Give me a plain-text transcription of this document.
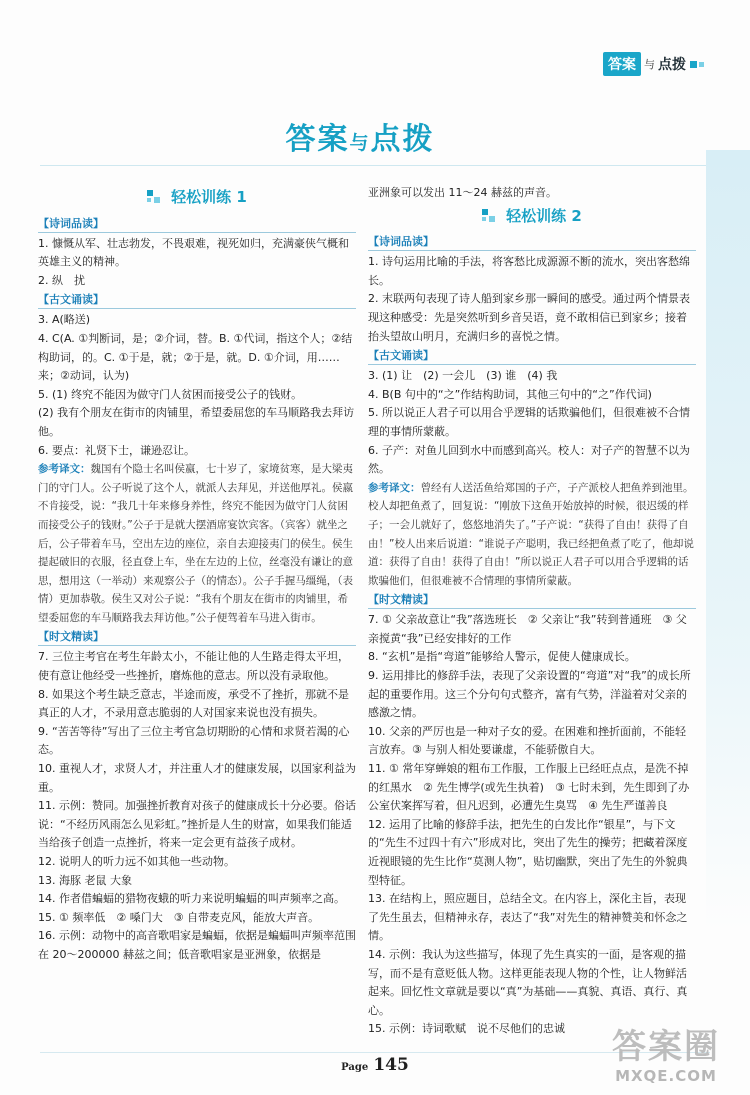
答案 与 点拨
答案与点拨
轻松训练 1
【诗词品读】

1. 慷慨从军、壮志勃发，不畏艰难，视死如归，充满豪侠气概和英雄主义的精神。

2. 纵　扰

【古文诵读】

3. A(略送)

4. C(A. ①判断词，是；②介词，替。B. ①代词，指这个人；②结构助词，的。C. ①于是，就；②于是，就。D. ①介词，用……来；②动词，认为)

5. (1) 终究不能因为做守门人贫困而接受公子的钱财。

(2) 我有个朋友在街市的肉铺里，希望委屈您的车马顺路我去拜访他。

6. 要点：礼贤下士，谦逊忍让。

参考译文：魏国有个隐士名叫侯嬴，七十岁了，家境贫寒，是大梁夷门的守门人。公子听说了这个人，就派人去拜见，并送他厚礼。侯嬴不肯接受，说：“我几十年来修身养性，终究不能因为做守门人贫困而接受公子的钱财。”公子于是就大摆酒席宴饮宾客。（宾客）就坐之后，公子带着车马，空出左边的座位，亲自去迎接夷门的侯生。侯生提起破旧的衣服，径直登上车，坐在左边的上位，丝毫没有谦让的意思，想用这（一举动）来观察公子（的情态）。公子手握马缰绳，（表情）更加恭敬。侯生又对公子说：“我有个朋友在街市的肉铺里，希望委屈您的车马顺路我去拜访他。”公子便驾着车马进入街市。

【时文精读】

7. 三位主考官在考生年龄太小，不能让他的人生路走得太平坦，使有意让他经受一些挫折，磨炼他的意志。所以没有录取他。

8. 如果这个考生缺乏意志，半途而废，承受不了挫折，那就不是真正的人才，不录用意志脆弱的人对国家来说也没有损失。

9. “苦苦等待”写出了三位主考官急切期盼的心情和求贤若渴的心态。

10. 重视人才，求贤人才，并注重人才的健康发展，以国家利益为重。

11. 示例：赞同。加强挫折教育对孩子的健康成长十分必要。俗话说：“不经历风雨怎么见彩虹。”挫折是人生的财富，如果我们能适当给孩子创造一点挫折，将来一定会更有益孩子成材。

12. 说明人的听力远不如其他一些动物。

13. 海豚 老鼠 大象

14. 作者借蝙蝠的猎物夜蛾的听力来说明蝙蝠的叫声频率之高。

15. ① 频率低　② 嗓门大　③ 自带麦克风，能放大声音。

16. 示例：动物中的高音歌唱家是蝙蝠，依据是蝙蝠叫声频率范围在 20～200000 赫兹之间；低音歌唱家是亚洲象，依据是

亚洲象可以发出 11～24 赫兹的声音。

轻松训练 2
【诗词品读】

1. 诗句运用比喻的手法，将客愁比成源源不断的流水，突出客愁绵长。

2. 末联两句表现了诗人船到家乡那一瞬间的感受。通过两个情景表现这种感受：先是突然听到乡音吴语，竟不敢相信已到家乡；接着抬头望故山明月，充满归乡的喜悦之情。

【古文诵读】

3. (1) 让　(2) 一会儿　(3) 谁　(4) 我

4. B(B 句中的“之”作结构助词，其他三句中的“之”作代词)

5. 所以说正人君子可以用合乎逻辑的话欺骗他们，但很难被不合情理的事情所蒙蔽。

6. 子产：对鱼儿回到水中而感到高兴。校人：对子产的智慧不以为然。

参考译文：曾经有人送活鱼给郑国的子产，子产派校人把鱼养到池里。校人却把鱼煮了，回复说：“刚放下这鱼开始放掉的时候，很迟缓的样子；一会儿就好了，悠悠地消失了。”子产说：“获得了自由！获得了自由！”校人出来后说道：“谁说子产聪明，我已经把鱼煮了吃了，他却说道：获得了自由！获得了自由！”所以说正人君子可以用合乎逻辑的话欺骗他们，但很难被不合情理的事情所蒙蔽。

【时文精读】

7. ① 父亲故意让“我”落选班长　② 父亲让“我”转到普通班　③ 父亲搅黄“我”已经安排好的工作

8. “玄机”是指“弯道”能够给人警示，促使人健康成长。

9. 运用排比的修辞手法，表现了父亲设置的“弯道”对“我”的成长所起的重要作用。这三个分句句式整齐，富有气势，洋溢着对父亲的感激之情。

10. 父亲的严厉也是一种对子女的爱。在困难和挫折面前，不能轻言放弃。③ 与别人相处要谦虚，不能骄傲自大。

11. ① 常年穿蝉娘的粗布工作服，工作服上已经旺点点，是洗不掉的红黑水　② 先生博学(或先生执着)　③ 七时未到，先生即到了办公室伏案挥写着，但凡迟到，必遭先生臭骂　④ 先生严谨善良

12. 运用了比喻的修辞手法，把先生的白发比作“银星”，与下文的“先生不过四十有六”形成对比，突出了先生的操劳；把藏着深度近视眼镜的先生比作“莫测人物”，贴切幽默，突出了先生的外貌典型特征。

13. 在结构上，照应题目，总结全文。在内容上，深化主旨，表现了先生虽去，但精神永存，表达了“我”对先生的精神赞美和怀念之情。

14. 示例：我认为这些描写，体现了先生真实的一面，是客观的描写，而不是有意贬低人物。这样更能表现人物的个性，让人物鲜活起来。回忆性文章就是要以“真”为基础——真貌、真语、真行、真心。

15. 示例：诗词歌赋　说不尽他们的忠诚

Page 145	答案圈
MXQE.COM
